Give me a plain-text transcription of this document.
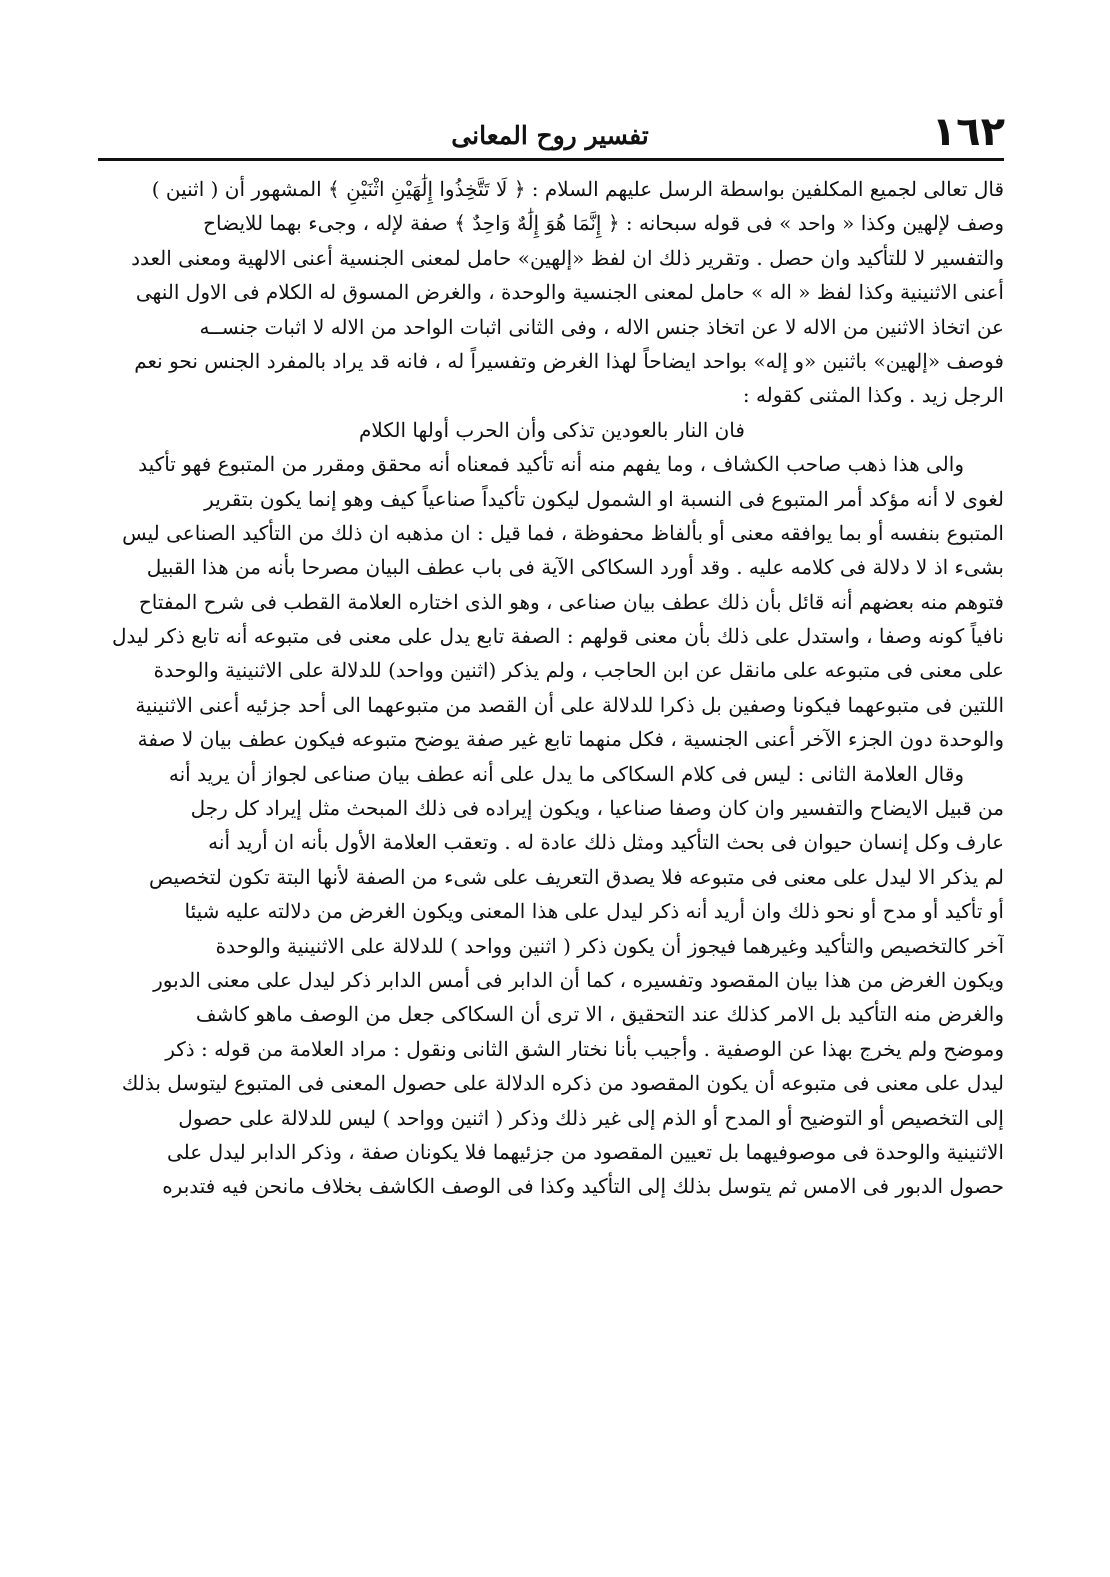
١٦٢
تفسير روح المعانى
قال تعالى لجميع المكلفين بواسطة الرسل عليهم السلام : ﴿ لَا تَتَّخِذُوا إِلَٰهَيْنِ اثْنَيْنِ ﴾ المشهور أن ( اثنين )
وصف لإلهين وكذا « واحد » فى قوله سبحانه : ﴿ إِنَّمَا هُوَ إِلَٰهٌ وَاحِدٌ ﴾ صفة لإله ، وجىء بهما للايضاح
والتفسير لا للتأكيد وان حصل . وتقرير ذلك ان لفظ «إلهين» حامل لمعنى الجنسية أعنى الالهية ومعنى العدد
أعنى الاثنينية وكذا لفظ « اله » حامل لمعنى الجنسية والوحدة ، والغرض المسوق له الكلام فى الاول النهى
عن اتخاذ الاثنين من الاله لا عن اتخاذ جنس الاله ، وفى الثانى اثبات الواحد من الاله لا اثبات جنســه
فوصف «إلهين» باثنين «و إله» بواحد ايضاحاً لهذا الغرض وتفسيراً له ، فانه قد يراد بالمفرد الجنس نحو نعم
الرجل زيد . وكذا المثنى كقوله :
فان النار بالعودين تذكى وأن الحرب أولها الكلام
والى هذا ذهب صاحب الكشاف ، وما يفهم منه أنه تأكيد فمعناه أنه محقق ومقرر من المتبوع فهو تأكيد
لغوى لا أنه مؤكد أمر المتبوع فى النسبة او الشمول ليكون تأكيداً صناعياً كيف وهو إنما يكون بتقرير
المتبوع بنفسه أو بما يوافقه معنى أو بألفاظ محفوظة ، فما قيل : ان مذهبه ان ذلك من التأكيد الصناعى ليس
بشىء اذ لا دلالة فى كلامه عليه . وقد أورد السكاكى الآية فى باب عطف البيان مصرحا بأنه من هذا القبيل
فتوهم منه بعضهم أنه قائل بأن ذلك عطف بيان صناعى ، وهو الذى اختاره العلامة القطب فى شرح المفتاح
نافياً كونه وصفا ، واستدل على ذلك بأن معنى قولهم : الصفة تابع يدل على معنى فى متبوعه أنه تابع ذكر ليدل
على معنى فى متبوعه على مانقل عن ابن الحاجب ، ولم يذكر (اثنين وواحد) للدلالة على الاثنينية والوحدة
اللتين فى متبوعهما فيكونا وصفين بل ذكرا للدلالة على أن القصد من متبوعهما الى أحد جزئيه أعنى الاثنينية
والوحدة دون الجزء الآخر أعنى الجنسية ، فكل منهما تابع غير صفة يوضح متبوعه فيكون عطف بيان لا صفة
وقال العلامة الثانى : ليس فى كلام السكاكى ما يدل على أنه عطف بيان صناعى لجواز أن يريد أنه
من قبيل الايضاح والتفسير وان كان وصفا صناعيا ، ويكون إيراده فى ذلك المبحث مثل إيراد كل رجل
عارف وكل إنسان حيوان فى بحث التأكيد ومثل ذلك عادة له . وتعقب العلامة الأول بأنه ان أريد أنه
لم يذكر الا ليدل على معنى فى متبوعه فلا يصدق التعريف على شىء من الصفة لأنها البتة تكون لتخصيص
أو تأكيد أو مدح أو نحو ذلك وان أريد أنه ذكر ليدل على هذا المعنى ويكون الغرض من دلالته عليه شيئا
آخر كالتخصيص والتأكيد وغيرهما فيجوز أن يكون ذكر ( اثنين وواحد ) للدلالة على الاثنينية والوحدة
ويكون الغرض من هذا بيان المقصود وتفسيره ، كما أن الدابر فى أمس الدابر ذكر ليدل على معنى الدبور
والغرض منه التأكيد بل الامر كذلك عند التحقيق ، الا ترى أن السكاكى جعل من الوصف ماهو كاشف
وموضح ولم يخرج بهذا عن الوصفية . وأجيب بأنا نختار الشق الثانى ونقول : مراد العلامة من قوله : ذكر
ليدل على معنى فى متبوعه أن يكون المقصود من ذكره الدلالة على حصول المعنى فى المتبوع ليتوسل بذلك
إلى التخصيص أو التوضيح أو المدح أو الذم إلى غير ذلك وذكر ( اثنين وواحد ) ليس للدلالة على حصول
الاثنينية والوحدة فى موصوفيهما بل تعيين المقصود من جزئيهما فلا يكونان صفة ، وذكر الدابر ليدل على
حصول الدبور فى الامس ثم يتوسل بذلك إلى التأكيد وكذا فى الوصف الكاشف بخلاف مانحن فيه فتدبره
